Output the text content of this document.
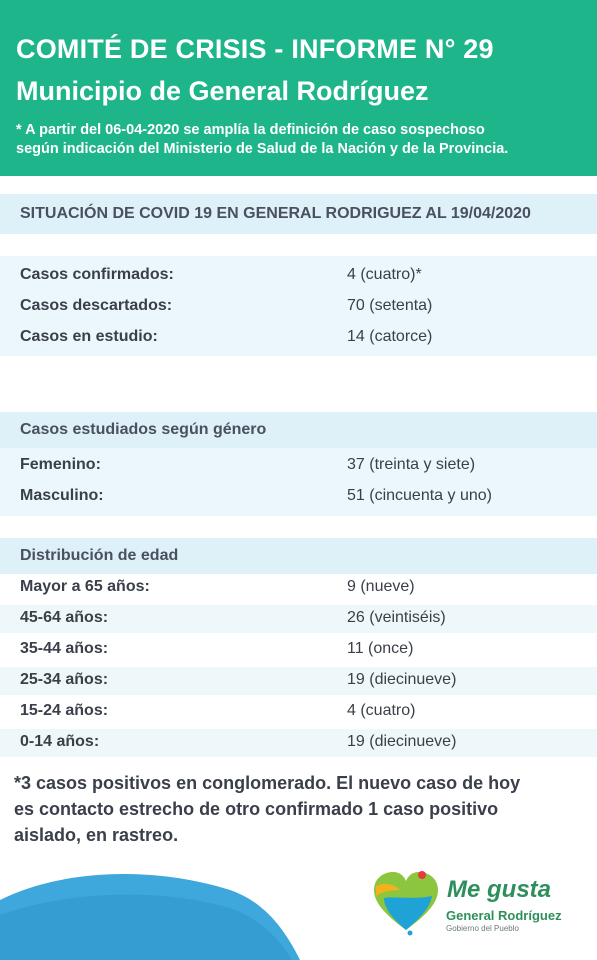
COMITÉ DE CRISIS - INFORME N° 29
Municipio de General Rodríguez
* A partir del 06-04-2020 se amplía la definición de caso sospechoso
según indicación del Ministerio de Salud de la Nación y de la Provincia.
SITUACIÓN DE COVID 19 EN GENERAL RODRIGUEZ AL 19/04/2020
Casos confirmados:	4 (cuatro)*
Casos descartados:	70 (setenta)
Casos en estudio:	14 (catorce)
Casos estudiados según género
Femenino:	37 (treinta y siete)
Masculino:	51 (cincuenta y uno)
Distribución de edad
Mayor a 65 años:	9 (nueve)
45-64 años:	26 (veintiséis)
35-44 años:	11 (once)
25-34 años:	19 (diecinueve)
15-24 años:	4 (cuatro)
0-14 años:	19 (diecinueve)
*3 casos positivos en conglomerado. El nuevo caso de hoy
es contacto estrecho de otro confirmado 1 caso positivo
aislado, en rastreo.
Me gusta
General Rodríguez
Gobierno del Pueblo
